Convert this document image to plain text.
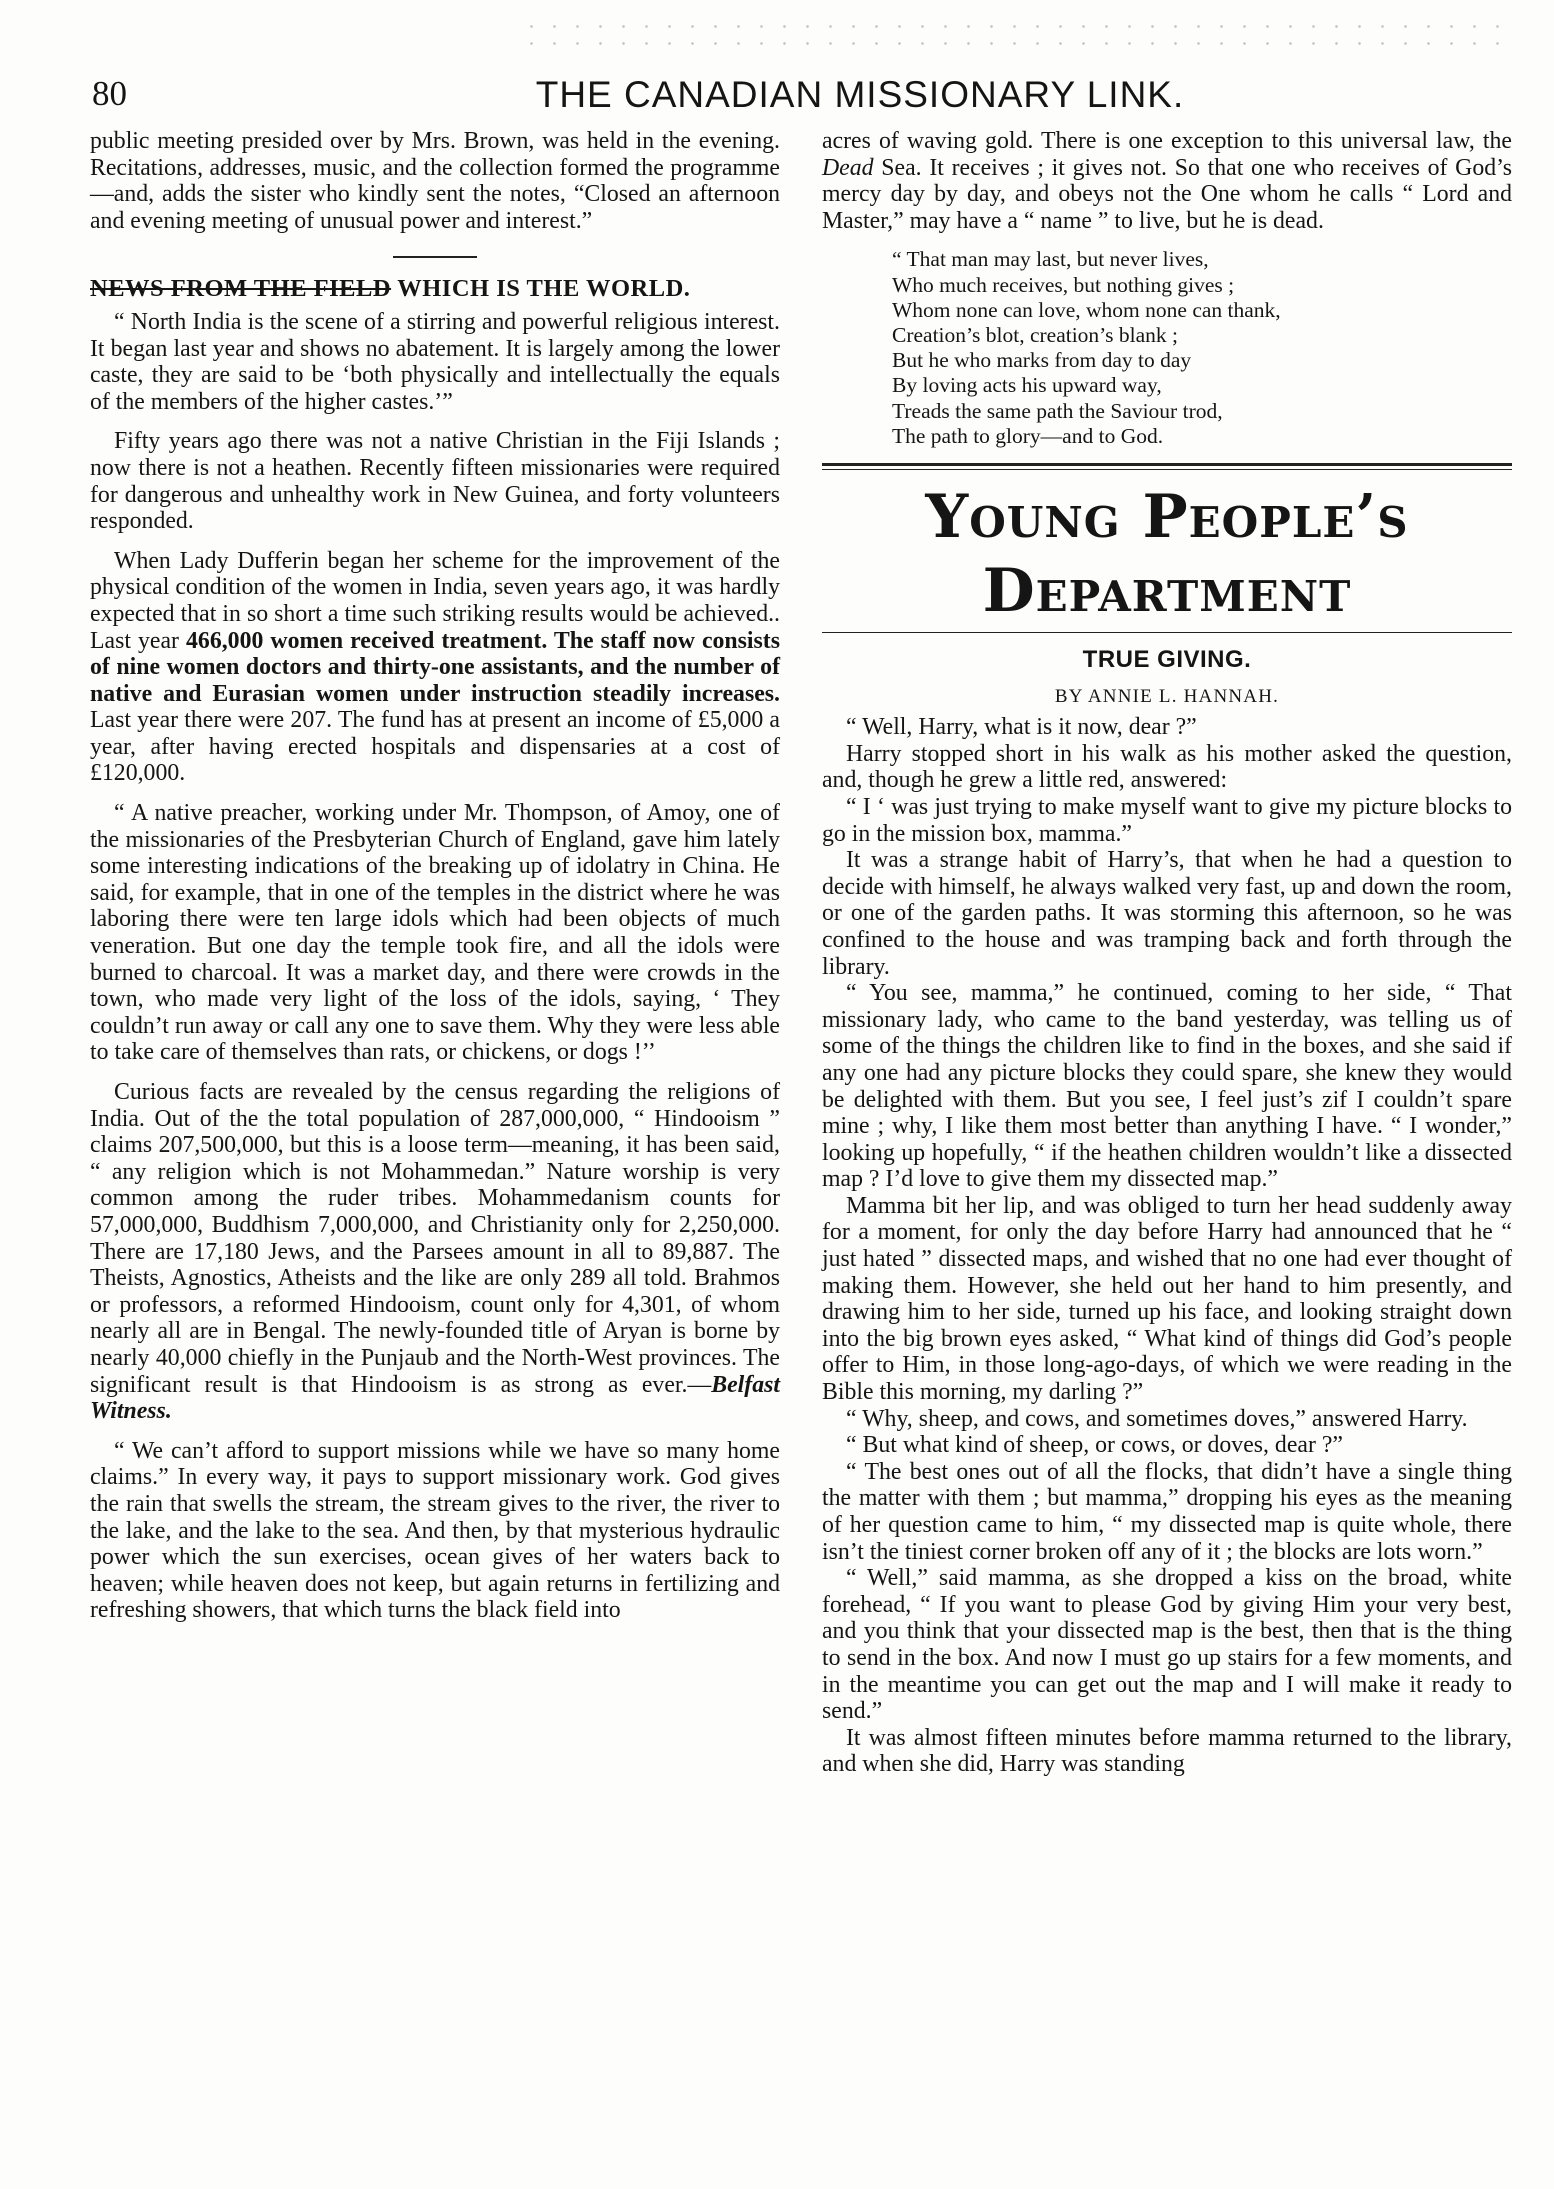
80	THE CANADIAN MISSIONARY LINK.

public meeting presided over by Mrs. Brown, was held in the evening. Recitations, addresses, music, and the collection formed the programme—and, adds the sister who kindly sent the notes, “Closed an afternoon and evening meeting of unusual power and interest.”

NEWS FROM THE FIELD WHICH IS THE WORLD.

“ North India is the scene of a stirring and powerful religious interest. It began last year and shows no abatement. It is largely among the lower caste, they are said to be ‘both physically and intellectually the equals of the members of the higher castes.’”

Fifty years ago there was not a native Christian in the Fiji Islands ; now there is not a heathen. Recently fifteen missionaries were required for dangerous and unhealthy work in New Guinea, and forty volunteers responded.

When Lady Dufferin began her scheme for the improvement of the physical condition of the women in India, seven years ago, it was hardly expected that in so short a time such striking results would be achieved.. Last year 466,000 women received treatment. The staff now consists of nine women doctors and thirty-one assistants, and the number of native and Eurasian women under instruction steadily increases. Last year there were 207. The fund has at present an income of £5,000 a year, after having erected hospitals and dispensaries at a cost of £120,000.

“ A native preacher, working under Mr. Thompson, of Amoy, one of the missionaries of the Presbyterian Church of England, gave him lately some interesting indications of the breaking up of idolatry in China. He said, for example, that in one of the temples in the district where he was laboring there were ten large idols which had been objects of much veneration. But one day the temple took fire, and all the idols were burned to charcoal. It was a market day, and there were crowds in the town, who made very light of the loss of the idols, saying, ‘ They couldn’t run away or call any one to save them. Why they were less able to take care of themselves than rats, or chickens, or dogs !’’

Curious facts are revealed by the census regarding the religions of India. Out of the the total population of 287,000,000, “ Hindooism ” claims 207,500,000, but this is a loose term—meaning, it has been said, “ any religion which is not Mohammedan.” Nature worship is very common among the ruder tribes. Mohammedanism counts for 57,000,000, Buddhism 7,000,000, and Christianity only for 2,250,000. There are 17,180 Jews, and the Parsees amount in all to 89,887. The Theists, Agnostics, Atheists and the like are only 289 all told. Brahmos or professors, a reformed Hindooism, count only for 4,301, of whom nearly all are in Bengal. The newly-founded title of Aryan is borne by nearly 40,000 chiefly in the Punjaub and the North-West provinces. The significant result is that Hindooism is as strong as ever.—Belfast Witness.

“ We can’t afford to support missions while we have so many home claims.” In every way, it pays to support missionary work. God gives the rain that swells the stream, the stream gives to the river, the river to the lake, and the lake to the sea. And then, by that mysterious hydraulic power which the sun exercises, ocean gives of her waters back to heaven; while heaven does not keep, but again returns in fertilizing and refreshing showers, that which turns the black field into

acres of waving gold. There is one exception to this universal law, the Dead Sea. It receives ; it gives not. So that one who receives of God’s mercy day by day, and obeys not the One whom he calls “ Lord and Master,” may have a “ name ” to live, but he is dead.

“ That man may last, but never lives,
Who much receives, but nothing gives ;
Whom none can love, whom none can thank,
Creation’s blot, creation’s blank ;
But he who marks from day to day
By loving acts his upward way,
Treads the same path the Saviour trod,
The path to glory—and to God.
Young People’s Department
TRUE GIVING.
BY ANNIE L. HANNAH.

“ Well, Harry, what is it now, dear ?”

Harry stopped short in his walk as his mother asked the question, and, though he grew a little red, answered:

“ I ‘ was just trying to make myself want to give my picture blocks to go in the mission box, mamma.”

It was a strange habit of Harry’s, that when he had a question to decide with himself, he always walked very fast, up and down the room, or one of the garden paths. It was storming this afternoon, so he was confined to the house and was tramping back and forth through the library.

“ You see, mamma,” he continued, coming to her side, “ That missionary lady, who came to the band yesterday, was telling us of some of the things the children like to find in the boxes, and she said if any one had any picture blocks they could spare, she knew they would be delighted with them. But you see, I feel just’s zif I couldn’t spare mine ; why, I like them most better than anything I have. “ I wonder,” looking up hopefully, “ if the heathen children wouldn’t like a dissected map ? I’d love to give them my dissected map.”

Mamma bit her lip, and was obliged to turn her head suddenly away for a moment, for only the day before Harry had announced that he “ just hated ” dissected maps, and wished that no one had ever thought of making them. However, she held out her hand to him presently, and drawing him to her side, turned up his face, and looking straight down into the big brown eyes asked, “ What kind of things did God’s people offer to Him, in those long-ago-days, of which we were reading in the Bible this morning, my darling ?”

“ Why, sheep, and cows, and sometimes doves,” answered Harry.

“ But what kind of sheep, or cows, or doves, dear ?”

“ The best ones out of all the flocks, that didn’t have a single thing the matter with them ; but mamma,” dropping his eyes as the meaning of her question came to him, “ my dissected map is quite whole, there isn’t the tiniest corner broken off any of it ; the blocks are lots worn.”

“ Well,” said mamma, as she dropped a kiss on the broad, white forehead, “ If you want to please God by giving Him your very best, and you think that your dissected map is the best, then that is the thing to send in the box. And now I must go up stairs for a few moments, and in the meantime you can get out the map and I will make it ready to send.”

It was almost fifteen minutes before mamma returned to the library, and when she did, Harry was standing
